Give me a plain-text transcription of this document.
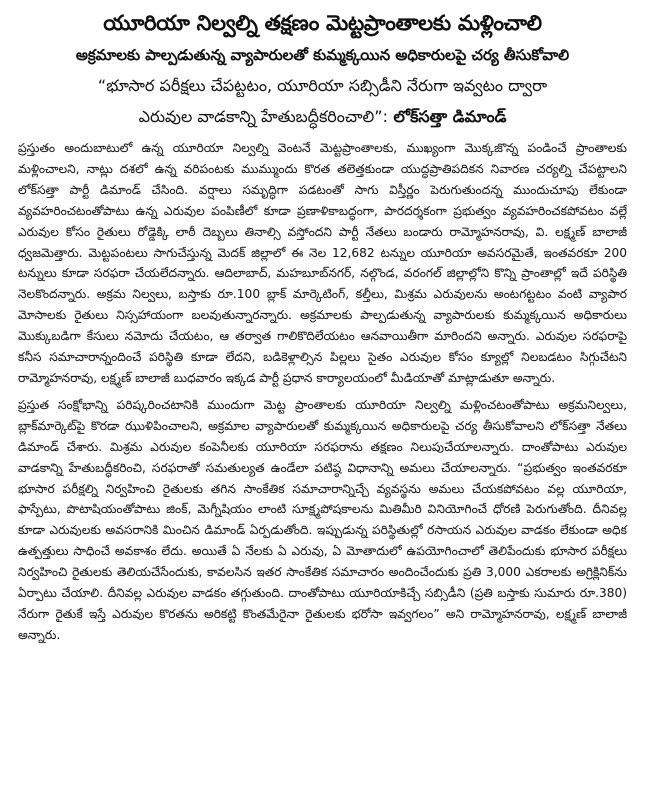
యూరియా నిల్వల్ని తక్షణం మెట్టప్రాంతాలకు మళ్లించాలి
అక్రమాలకు పాల్పడుతున్న వ్యాపారులతో కుమ్మక్కయిన అధికారులపై చర్య తీసుకోవాలి

“భూసార పరీక్షలు చేపట్టటం, యూరియా సబ్సిడీని నేరుగా ఇవ్వటం ద్వారా

ఎరువుల వాడకాన్ని హేతుబద్ధీకరించాలి”: లోక్‌సత్తా డిమాండ్

ప్రస్తుతం అందుబాటులో ఉన్న యూరియా నిల్వల్ని వెంటనే మెట్టప్రాంతాలకు, ముఖ్యంగా మొక్కజొన్న పండించే ప్రాంతాలకు మళ్లించాలని, నాట్లు దశలో ఉన్న వరిపంటకు ముమ్ముందు కొరత తలెత్తకుండా యుద్ధప్రాతిపదికన నివారణ చర్యల్ని చేపట్టాలని లోక్‌సత్తా పార్టీ డిమాండ్ చేసింది. వర్షాలు సమృద్ధిగా పడటంతో సాగు విస్తీర్ణం పెరుగుతుందన్న ముందుచూపు లేకుండా వ్యవహరించటంతోపాటు ఉన్న ఎరువుల పంపిణీలో కూడా ప్రణాళికాబద్ధంగా, పారదర్శకంగా ప్రభుత్వం వ్యవహరించకపోవటం వల్లే ఎరువుల కోసం రైతులు రోడ్డెక్కి లాఠీ దెబ్బలు తినాల్సి వస్తోందని పార్టీ నేతలు బండారు రామ్మోహనరావు, వి. లక్ష్మణ్ బాలాజీ ధ్వజమెత్తారు. మెట్టపంటలు సాగుచేస్తున్న మెదక్ జిల్లాలో ఈ నెల 12,682 టన్నుల యూరియా అవసరమైతే, ఇంతవరకూ 200 టన్నులు కూడా సరఫరా చేయలేదన్నారు. ఆదిలాబాద్, మహబూబ్‌నగర్, నల్గొండ, వరంగల్ జిల్లాల్లోని కొన్ని ప్రాంతాల్లో ఇదే పరిస్థితి నెలకొందన్నారు. అక్రమ నిల్వలు, బస్తాకు రూ.100 బ్లాక్ మార్కెటింగ్, కల్తీలు, మిశ్రమ ఎరువులను అంటగట్టటం వంటి వ్యాపార మోసాలకు రైతులు నిస్సహాయంగా బలవుతున్నారన్నారు. అక్రమాలకు పాల్పడుతున్న వ్యాపారులకు కుమ్మక్కయిన అధికారులు మొక్కుబడిగా కేసులు నమోదు చేయటం, ఆ తర్వాత గాలికొదిలేయటం ఆనవాయితీగా మారిందని అన్నారు. ఎరువుల సరఫరాపై కనీస సమాచారాన్నందించే పరిస్థితి కూడా లేదని, బడికెళ్లాల్సిన పిల్లలు సైతం ఎరువుల కోసం క్యూల్లో నిలబడటం సిగ్గుచేటని రామ్మోహనరావు, లక్ష్మణ్ బాలాజీ బుధవారం ఇక్కడ పార్టీ ప్రధాన కార్యాలయంలో మీడియాతో మాట్లాడుతూ అన్నారు.

ప్రస్తుత సంక్షోభాన్ని పరిష్కరించటానికి ముందుగా మెట్ట ప్రాంతాలకు యూరియా నిల్వల్ని మళ్లించటంతోపాటు అక్రమనిల్వలు, బ్లాక్‌మార్కెట్‌పై కొరడా ఝుళిపించాలని, అక్రమాల వ్యాపారులతో కుమ్మక్కయిన అధికారులపై చర్య తీసుకోవాలని లోక్‌సత్తా నేతలు డిమాండ్ చేశారు. మిశ్రమ ఎరువుల కంపెనీలకు యూరియా సరఫరాను తక్షణం నిలుపుచేయాలన్నారు. దాంతోపాటు ఎరువుల వాడకాన్ని హేతుబద్ధీకరించి, సరఫరాతో సమతుల్యత ఉండేలా పటిష్ఠ విధానాన్ని అమలు చేయాలన్నారు. “ప్రభుత్వం ఇంతవరకూ భూసార పరీక్షల్ని నిర్వహించి రైతులకు తగిన సాంకేతిక సమాచారాన్నిచ్చే వ్యవస్థను అమలు చేయకపోవటం వల్ల యూరియా, ఫాస్పేటు, పొటాషియంతోపాటు జింక్, మెగ్నీషియం లాంటి సూక్ష్మపోషకాలను మితిమీరి వినియోగించే ధోరణి పెరుగుతోంది. దీనివల్ల కూడా ఎరువులకు అవసరానికి మించిన డిమాండ్ ఏర్పడుతోంది. ఇప్పుడున్న పరిస్థితుల్లో రసాయన ఎరువుల వాడకం లేకుండా అధిక ఉత్పత్తులు సాధించే అవకాశం లేదు. అయితే ఏ నేలకు ఏ ఎరువు, ఏ మోతాదులో ఉపయోగించాలో తెలిపేందుకు భూసార పరీక్షలు నిర్వహించి రైతులకు తెలియచేసేందుకు, కావలసిన ఇతర సాంకేతిక సమాచారం అందించేందుకు ప్రతి 3,000 ఎకరాలకు అగ్రిక్లినిక్‌ను ఏర్పాటు చేయాలి. దీనివల్ల ఎరువుల వాడకం తగ్గుతుంది. దాంతోపాటు యూరియాకిచ్చే సబ్సిడీని (ప్రతి బస్తాకు సుమారు రూ.380) నేరుగా రైతుకే ఇస్తే ఎరువుల కొరతను అరికట్టి కొంతమేరైనా రైతులకు భరోసా ఇవ్వగలం” అని రామ్మోహనరావు, లక్ష్మణ్ బాలాజీ అన్నారు.
